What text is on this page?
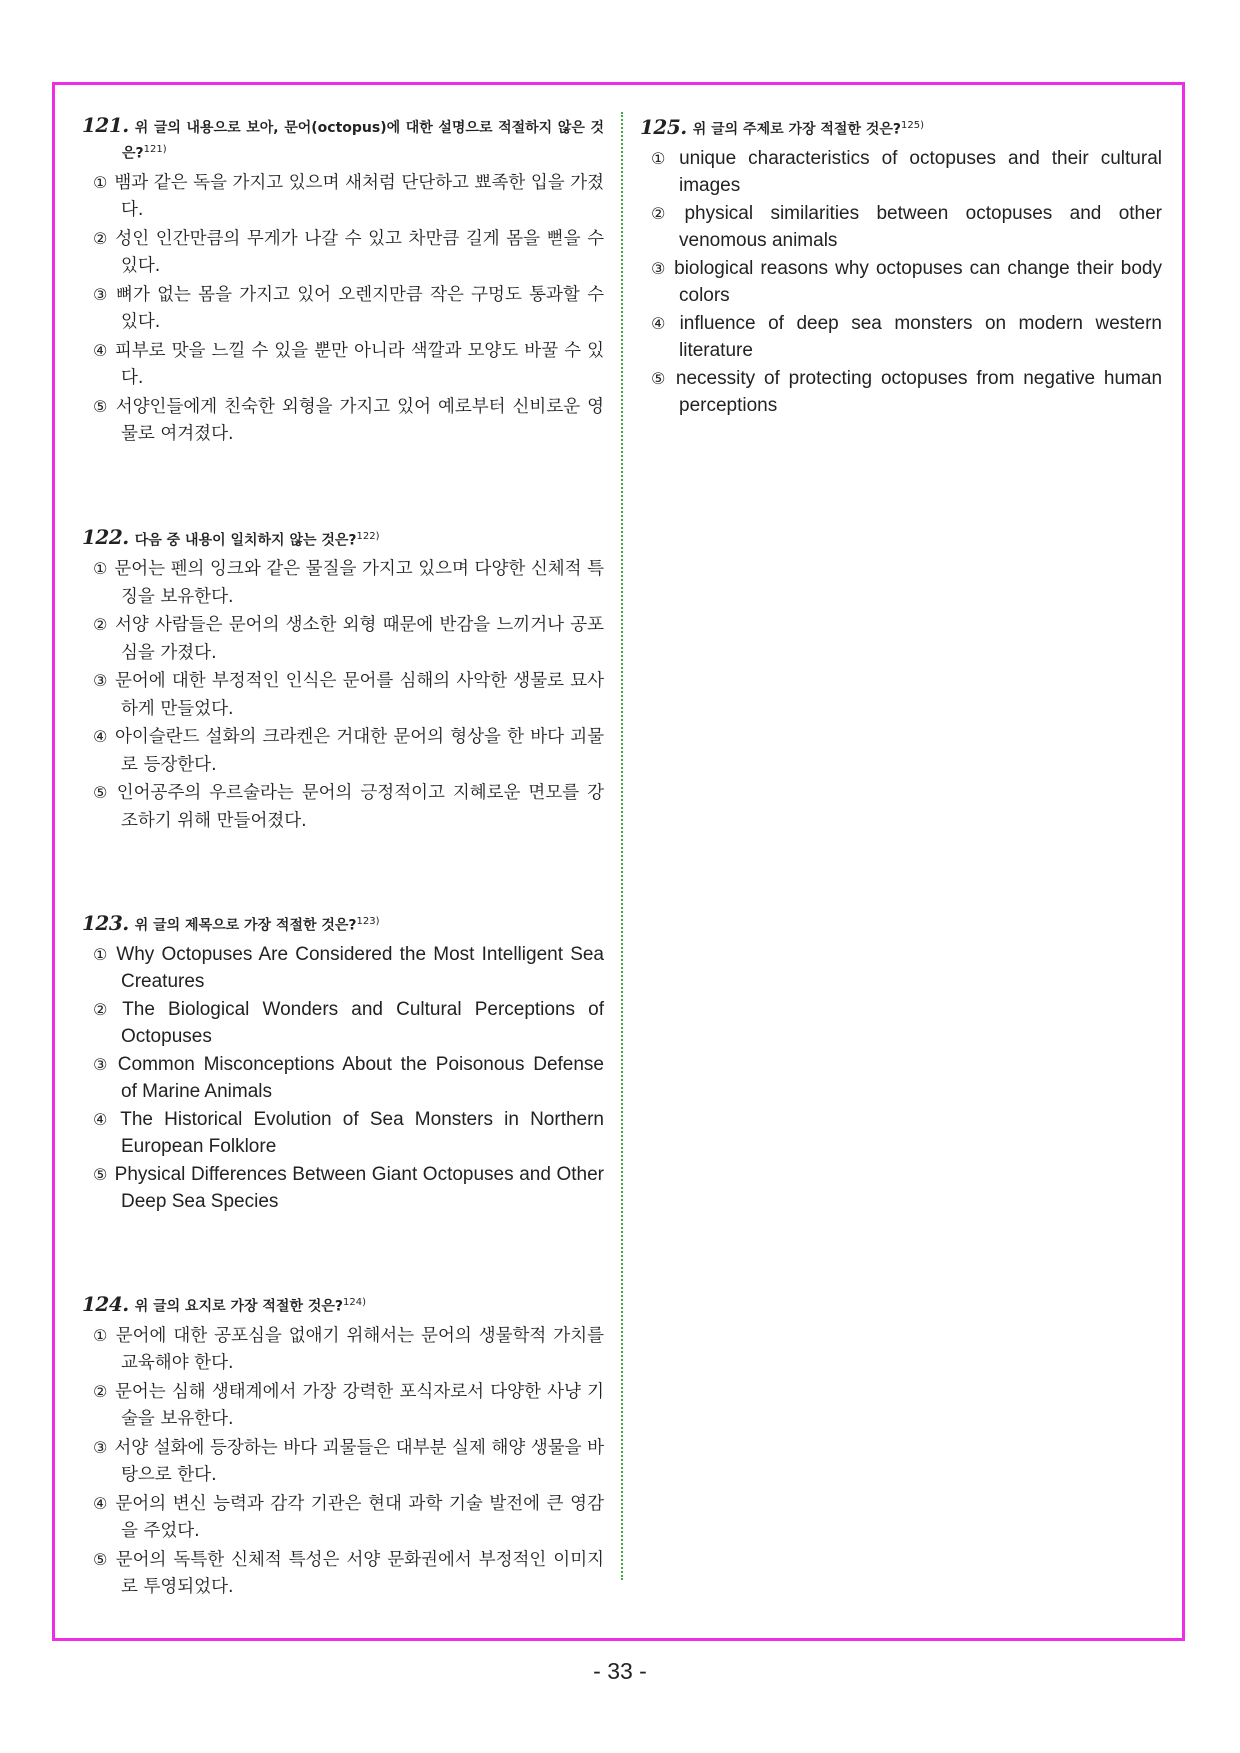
121. 위 글의 내용으로 보아, 문어(octopus)에 대한 설명으로 적절하지 않은 것은?$^{121)}$
① 뱀과 같은 독을 가지고 있으며 새처럼 단단하고 뾰족한 입을 가졌다.
② 성인 인간만큼의 무게가 나갈 수 있고 차만큼 길게 몸을 뻗을 수 있다.
③ 뼈가 없는 몸을 가지고 있어 오렌지만큼 작은 구멍도 통과할 수 있다.
④ 피부로 맛을 느낄 수 있을 뿐만 아니라 색깔과 모양도 바꿀 수 있다.
⑤ 서양인들에게 친숙한 외형을 가지고 있어 예로부터 신비로운 영물로 여겨졌다.
122. 다음 중 내용이 일치하지 않는 것은?$^{122)}$
① 문어는 펜의 잉크와 같은 물질을 가지고 있으며 다양한 신체적 특징을 보유한다.
② 서양 사람들은 문어의 생소한 외형 때문에 반감을 느끼거나 공포심을 가졌다.
③ 문어에 대한 부정적인 인식은 문어를 심해의 사악한 생물로 묘사하게 만들었다.
④ 아이슬란드 설화의 크라켄은 거대한 문어의 형상을 한 바다 괴물로 등장한다.
⑤ 인어공주의 우르술라는 문어의 긍정적이고 지혜로운 면모를 강조하기 위해 만들어졌다.
123. 위 글의 제목으로 가장 적절한 것은?$^{123)}$
① Why Octopuses Are Considered the Most Intelligent Sea Creatures
② The Biological Wonders and Cultural Perceptions of Octopuses
③ Common Misconceptions About the Poisonous Defense of Marine Animals
④ The Historical Evolution of Sea Monsters in Northern European Folklore
⑤ Physical Differences Between Giant Octopuses and Other Deep Sea Species
124. 위 글의 요지로 가장 적절한 것은?$^{124)}$
① 문어에 대한 공포심을 없애기 위해서는 문어의 생물학적 가치를 교육해야 한다.
② 문어는 심해 생태계에서 가장 강력한 포식자로서 다양한 사냥 기술을 보유한다.
③ 서양 설화에 등장하는 바다 괴물들은 대부분 실제 해양 생물을 바탕으로 한다.
④ 문어의 변신 능력과 감각 기관은 현대 과학 기술 발전에 큰 영감을 주었다.
⑤ 문어의 독특한 신체적 특성은 서양 문화권에서 부정적인 이미지로 투영되었다.
125. 위 글의 주제로 가장 적절한 것은?$^{125)}$
① unique characteristics of octopuses and their cultural images
② physical similarities between octopuses and other venomous animals
③ biological reasons why octopuses can change their body colors
④ influence of deep sea monsters on modern western literature
⑤ necessity of protecting octopuses from negative human perceptions
- 33 -
